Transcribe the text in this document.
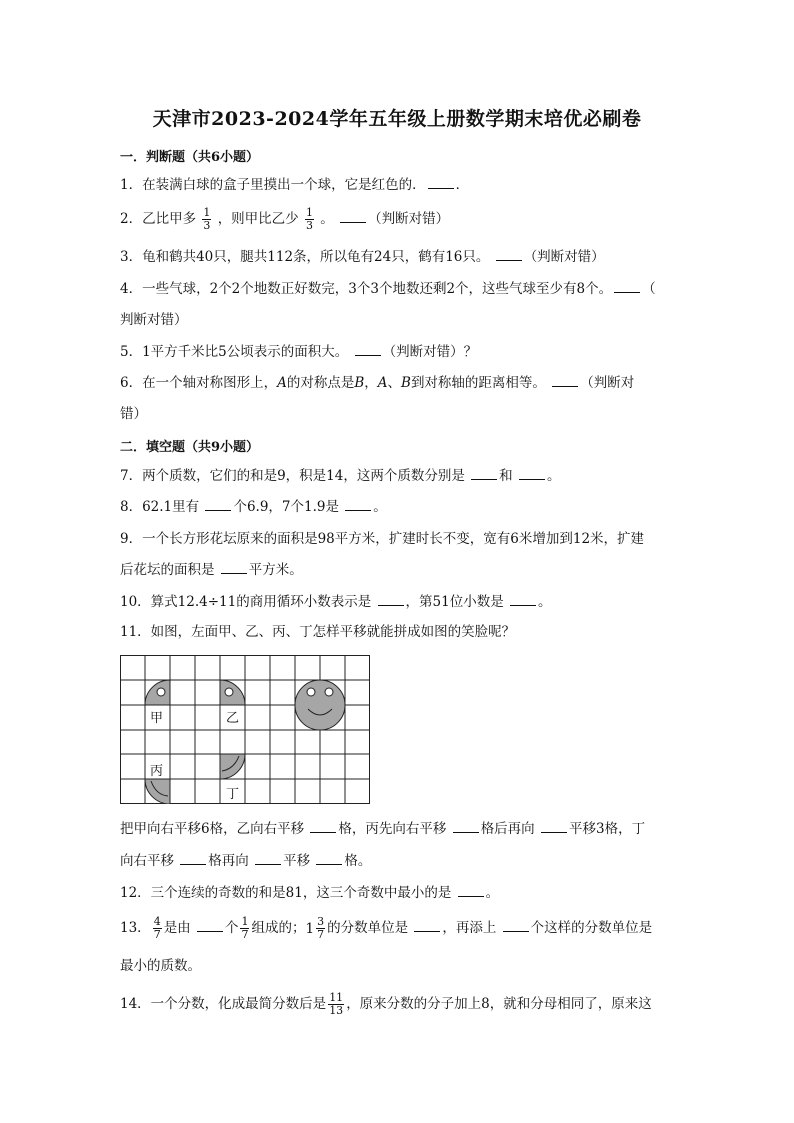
天津市2023-2024学年五年级上册数学期末培优必刷卷
一．判断题（共6小题）
1．在装满白球的盒子里摸出一个球，它是红色的． ．
2．乙比甲多 $\frac{1}{3}$ ，则甲比乙少 $\frac{1}{3}$ 。	（判断对错）
3．龟和鹤共40只，腿共112条，所以龟有24只，鹤有16只。	（判断对错）
4．一些气球，2个2个地数正好数完，3个3个地数还剩2个，这些气球至少有8个。 （
判断对错）
5．1平方千米比5公顷表示的面积大。	（判断对错）？
6．在一个轴对称图形上，A的对称点是B，A、B到对称轴的距离相等。	（判断对
错）
二．填空题（共9小题）
7．两个质数，它们的和是9，积是14，这两个质数分别是	和	。
8．62.1里有	个6.9，7个1.9是	。
9．一个长方形花坛原来的面积是98平方米，扩建时长不变，宽有6米增加到12米，扩建
后花坛的面积是	平方米。
10．算式12.4÷11的商用循环小数表示是	，第51位小数是	。
11．如图，左面甲、乙、丙、丁怎样平移就能拼成如图的笑脸呢？
甲	乙
丙
丁
把甲向右平移6格，乙向右平移	格，丙先向右平移	格后再向	平移3格，丁
向右平移	格再向	平移	格。
12．三个连续的奇数的和是81，这三个奇数中最小的是	。
13． $\frac{4}{7}$ 是由	个 $\frac{1}{7}$ 组成的；$1 \frac{3}{7}$ 的分数单位是	，再添上	个这样的分数单位是
最小的质数。
14．一个分数，化成最简分数后是 $\frac{11}{13}$ ，原来分数的分子加上8，就和分母相同了，原来这
